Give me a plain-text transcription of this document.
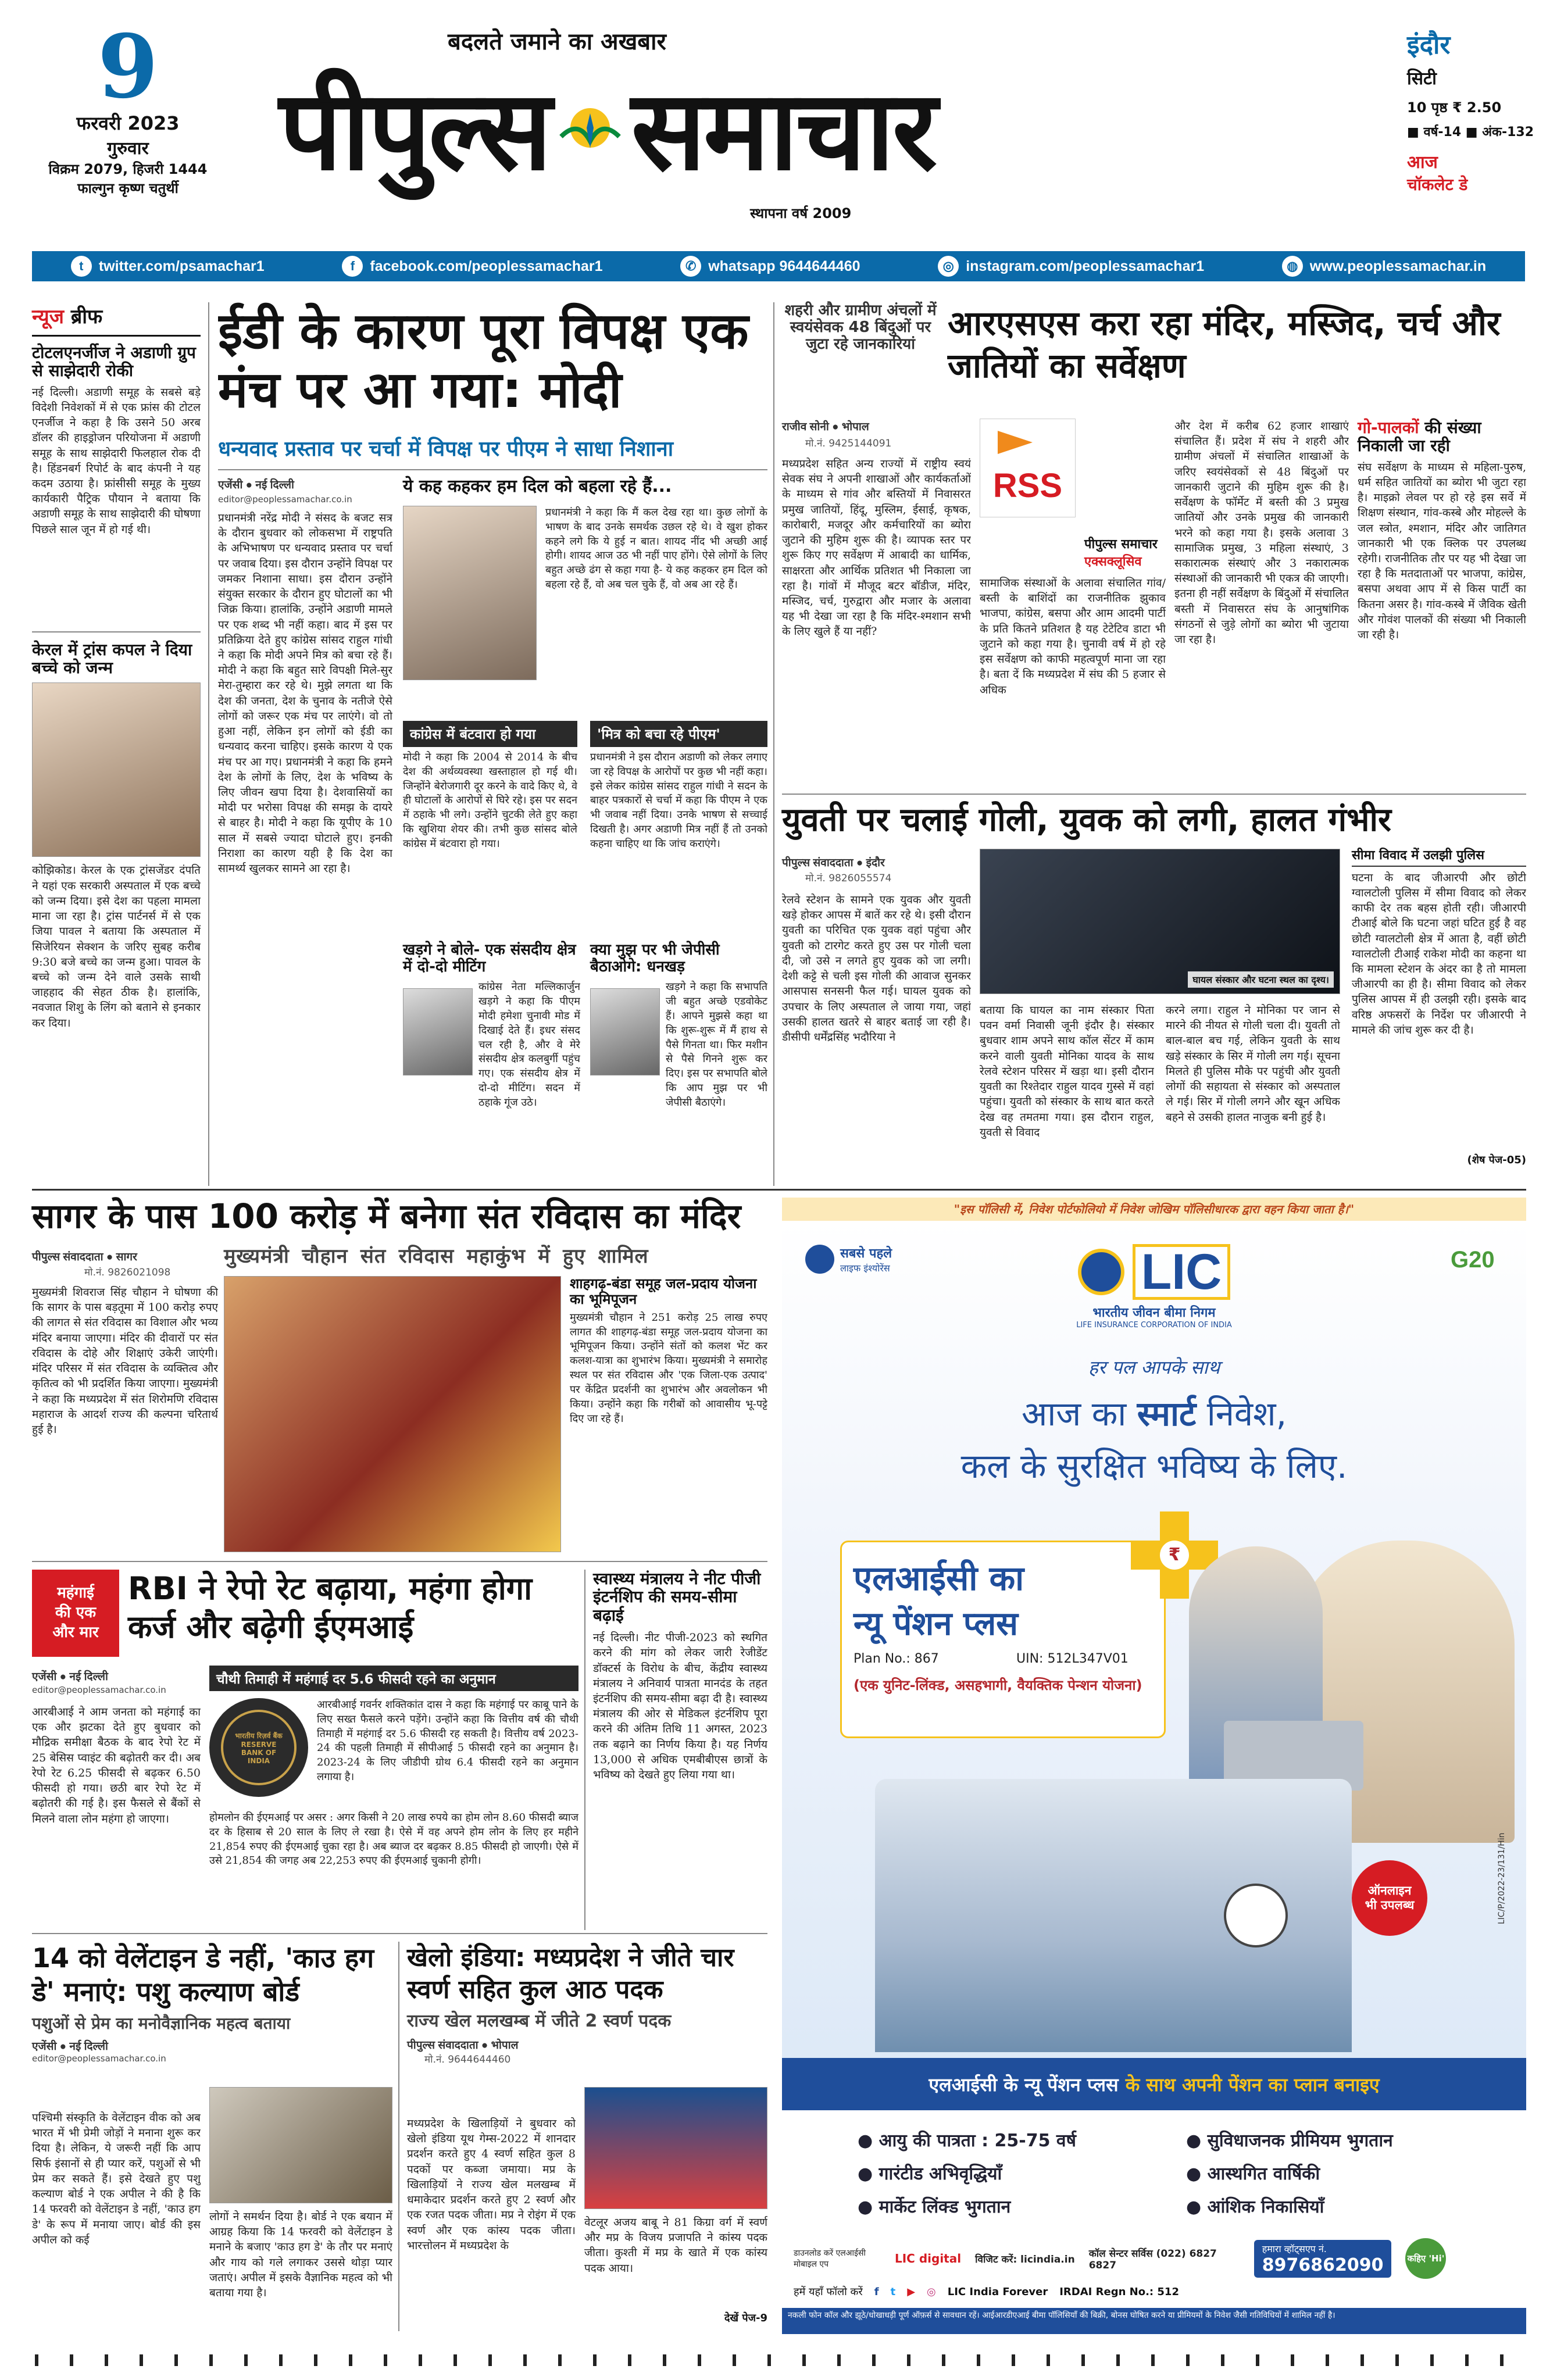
9
फरवरी 2023
गुरुवार
विक्रम 2079, हिजरी 1444
फाल्गुन कृष्ण चतुर्थी
बदलते जमाने का अखबार
पीपुल्स समाचार
स्थापना वर्ष 2009
इंदौर
सिटी
10 पृष्ठ ₹ 2.50
■ वर्ष-14 ■ अंक-132
आज
चॉकलेट डे
t	twitter.com/psamachar1	f	facebook.com/peoplessamachar1	✆ whatsapp 9644644460	◎ instagram.com/peoplessamachar1	◍ www.peoplessamachar.in
न्यूज ब्रीफ
टोटलएनर्जीज ने अडाणी ग्रुप से साझेदारी रोकी
नई दिल्ली। अडाणी समूह के सबसे बड़े विदेशी निवेशकों में से एक फ्रांस की टोटल एनर्जीज ने कहा है कि उसने 50 अरब डॉलर की हाइड्रोजन परियोजना में अडाणी समूह के साथ साझेदारी फिलहाल रोक दी है। हिंडनबर्ग रिपोर्ट के बाद कंपनी ने यह कदम उठाया है। फ्रांसीसी समूह के मुख्य कार्यकारी पैट्रिक पौयान ने बताया कि अडाणी समूह के साथ साझेदारी की घोषणा पिछले साल जून में हो गई थी।
केरल में ट्रांस कपल ने दिया बच्चे को जन्म
कोझिकोड। केरल के एक ट्रांसजेंडर दंपति ने यहां एक सरकारी अस्पताल में एक बच्चे को जन्म दिया। इसे देश का पहला मामला माना जा रहा है। ट्रांस पार्टनर्स में से एक जिया पावल ने बताया कि अस्पताल में सिजेरियन सेक्शन के जरिए सुबह करीब 9:30 बजे बच्चे का जन्म हुआ। पावल के बच्चे को जन्म देने वाले उसके साथी जाहहाद की सेहत ठीक है। हालांकि, नवजात शिशु के लिंग को बताने से इनकार कर दिया।
ईडी के कारण पूरा विपक्ष एक मंच पर आ गया: मोदी
धन्यवाद प्रस्ताव पर चर्चा में विपक्ष पर पीएम ने साधा निशाना
एजेंसी ● नई दिल्ली
editor@peoplessamachar.co.in
प्रधानमंत्री नरेंद्र मोदी ने संसद के बजट सत्र के दौरान बुधवार को लोकसभा में राष्ट्रपति के अभिभाषण पर धन्यवाद प्रस्ताव पर चर्चा पर जवाब दिया। इस दौरान उन्होंने विपक्ष पर जमकर निशाना साधा। इस दौरान उन्होंने संयुक्त सरकार के दौरान हुए घोटालों का भी जिक्र किया। हालांकि, उन्होंने अडाणी मामले पर एक शब्द भी नहीं कहा। बाद में इस पर प्रतिक्रिया देते हुए कांग्रेस सांसद राहुल गांधी ने कहा कि मोदी अपने मित्र को बचा रहे हैं। मोदी ने कहा कि बहुत सारे विपक्षी मिले-सुर मेरा-तुम्हारा कर रहे थे। मुझे लगता था कि देश की जनता, देश के चुनाव के नतीजे ऐसे लोगों को जरूर एक मंच पर लाएंगे। वो तो हुआ नहीं, लेकिन इन लोगों को ईडी का धन्यवाद करना चाहिए। इसके कारण ये एक मंच पर आ गए। प्रधानमंत्री ने कहा कि हमने देश के लोगों के लिए, देश के भविष्य के लिए जीवन खपा दिया है। देशवासियों का मोदी पर भरोसा विपक्ष की समझ के दायरे से बाहर है। मोदी ने कहा कि यूपीए के 10 साल में सबसे ज्यादा घोटाले हुए। इनकी निराशा का कारण यही है कि देश का सामर्थ्य खुलकर सामने आ रहा है।
ये कह कहकर हम दिल को बहला रहे हैं...
प्रधानमंत्री ने कहा कि मैं कल देख रहा था। कुछ लोगों के भाषण के बाद उनके समर्थक उछल रहे थे। वे खुश होकर कहने लगे कि ये हुई न बात। शायद नींद भी अच्छी आई होगी। शायद आज उठ भी नहीं पाए होंगे। ऐसे लोगों के लिए बहुत अच्छे ढंग से कहा गया है- ये कह कहकर हम दिल को बहला रहे हैं, वो अब चल चुके हैं, वो अब आ रहे हैं।
कांग्रेस में बंटवारा हो गया
मोदी ने कहा कि 2004 से 2014 के बीच देश की अर्थव्यवस्था खस्ताहाल हो गई थी। जिन्होंने बेरोजगारी दूर करने के वादे किए थे, वे ही घोटालों के आरोपों से घिरे रहे। इस पर सदन में ठहाके भी लगे। उन्होंने चुटकी लेते हुए कहा कि खुशिया शेयर की। तभी कुछ सांसद बोले कांग्रेस में बंटवारा हो गया।
'मित्र को बचा रहे पीएम'
प्रधानमंत्री ने इस दौरान अडाणी को लेकर लगाए जा रहे विपक्ष के आरोपों पर कुछ भी नहीं कहा। इसे लेकर कांग्रेस सांसद राहुल गांधी ने सदन के बाहर पत्रकारों से चर्चा में कहा कि पीएम ने एक भी जवाब नहीं दिया। उनके भाषण से सच्चाई दिखती है। अगर अडाणी मित्र नहीं हैं तो उनको कहना चाहिए था कि जांच कराएंगे।
खड़गे ने बोले- एक संसदीय क्षेत्र में दो-दो मीटिंग
कांग्रेस नेता मल्लिकार्जुन खड़गे ने कहा कि पीएम मोदी हमेशा चुनावी मोड में दिखाई देते हैं। इधर संसद चल रही है, और वे मेरे संसदीय क्षेत्र कलबुर्गी पहुंच गए। एक संसदीय क्षेत्र में दो-दो मीटिंग। सदन में ठहाके गूंज उठे।
क्या मुझ पर भी जेपीसी बैठाओगे: धनखड़
खड़गे ने कहा कि सभापति जी बहुत अच्छे एडवोकेट हैं। आपने मुझसे कहा था कि शुरू-शुरू में मैं हाथ से पैसे गिनता था। फिर मशीन से पैसे गिनने शुरू कर दिए। इस पर सभापति बोले कि आप मुझ पर भी जेपीसी बैठाएंगे।
शहरी और ग्रामीण अंचलों में स्वयंसेवक 48 बिंदुओं पर जुटा रहे जानकारियां
आरएसएस करा रहा मंदिर, मस्जिद, चर्च और जातियों का सर्वेक्षण
राजीव सोनी ● भोपाल
मो.नं. 9425144091
मध्यप्रदेश सहित अन्य राज्यों में राष्ट्रीय स्वयं सेवक संघ ने अपनी शाखाओं और कार्यकर्ताओं के माध्यम से गांव और बस्तियों में निवासरत प्रमुख जातियों, हिंदू, मुस्लिम, ईसाई, कृषक, कारोबारी, मजदूर और कर्मचारियों का ब्योरा जुटाने की मुहिम शुरू की है। व्यापक स्तर पर शुरू किए गए सर्वेक्षण में आबादी का धार्मिक, साक्षरता और आर्थिक प्रतिशत भी निकाला जा रहा है। गांवों में मौजूद बटर बॉडीज, मंदिर, मस्जिद, चर्च, गुरुद्वारा और मजार के अलावा यह भी देखा जा रहा है कि मंदिर-श्मशान सभी के लिए खुले हैं या नहीं?
RSS
पीपुल्स समाचार
एक्सक्लूसिव
सामाजिक संस्थाओं के अलावा संचालित गांव/बस्ती के बाशिंदों का राजनीतिक झुकाव भाजपा, कांग्रेस, बसपा और आम आदमी पार्टी के प्रति कितने प्रतिशत है यह टेटेटिव डाटा भी जुटाने को कहा गया है। चुनावी वर्ष में हो रहे इस सर्वेक्षण को काफी महत्वपूर्ण माना जा रहा है। बता दें कि मध्यप्रदेश में संघ की 5 हजार से अधिक
और देश में करीब 62 हजार शाखाएं संचालित हैं। प्रदेश में संघ ने शहरी और ग्रामीण अंचलों में संचालित शाखाओं के जरिए स्वयंसेवकों से 48 बिंदुओं पर जानकारी जुटाने की मुहिम शुरू की है। सर्वेक्षण के फॉर्मेट में बस्ती की 3 प्रमुख जातियों और उनके प्रमुख की जानकारी भरने को कहा गया है। इसके अलावा 3 सामाजिक प्रमुख, 3 महिला संस्थाएं, 3 सकारात्मक संस्थाएं और 3 नकारात्मक संस्थाओं की जानकारी भी एकत्र की जाएगी। इतना ही नहीं सर्वेक्षण के बिंदुओं में संचालित बस्ती में निवासरत संघ के आनुषांगिक संगठनों से जुड़े लोगों का ब्योरा भी जुटाया जा रहा है।
गो-पालकों की संख्या निकाली जा रही
संघ सर्वेक्षण के माध्यम से महिला-पुरुष, धर्म सहित जातियों का ब्योरा भी जुटा रहा है। माइक्रो लेवल पर हो रहे इस सर्वे में शिक्षण संस्थान, गांव-कस्बे और मोहल्ले के जल स्त्रोत, श्मशान, मंदिर और जातिगत जानकारी भी एक क्लिक पर उपलब्ध रहेगी। राजनीतिक तौर पर यह भी देखा जा रहा है कि मतदाताओं पर भाजपा, कांग्रेस, बसपा अथवा आप में से किस पार्टी का कितना असर है। गांव-कस्बे में जैविक खेती और गोवंश पालकों की संख्या भी निकाली जा रही है।
युवती पर चलाई गोली, युवक को लगी, हालत गंभीर
पीपुल्स संवाददाता ● इंदौर
मो.नं. 9826055574
घायल संस्कार और घटना स्थल का दृश्य।
रेलवे स्टेशन के सामने एक युवक और युवती खड़े होकर आपस में बातें कर रहे थे। इसी दौरान युवती का परिचित एक युवक वहां पहुंचा और युवती को टारगेट करते हुए उस पर गोली चला दी, जो उसे न लगते हुए युवक को जा लगी। देशी कट्टे से चली इस गोली की आवाज सुनकर आसपास सनसनी फैल गई। घायल युवक को उपचार के लिए अस्पताल ले जाया गया, जहां उसकी हालत खतरे से बाहर बताई जा रही है। डीसीपी धर्मेंद्रसिंह भदौरिया ने
बताया कि घायल का नाम संस्कार पिता पवन वर्मा निवासी जूनी इंदौर है। संस्कार बुधवार शाम अपने साथ कॉल सेंटर में काम करने वाली युवती मोनिका यादव के साथ रेलवे स्टेशन परिसर में खड़ा था। इसी दौरान युवती का रिश्तेदार राहुल यादव गुस्से में वहां पहुंचा। युवती को संस्कार के साथ बात करते देख वह तमतमा गया। इस दौरान राहुल, युवती से विवाद
करने लगा। राहुल ने मोनिका पर जान से मारने की नीयत से गोली चला दी। युवती तो बाल-बाल बच गई, लेकिन युवती के साथ खड़े संस्कार के सिर में गोली लग गई। सूचना मिलते ही पुलिस मौके पर पहुंची और युवती लोगों की सहायता से संस्कार को अस्पताल ले गई। सिर में गोली लगने और खून अधिक बहने से उसकी हालत नाजुक बनी हुई है।
सीमा विवाद में उलझी पुलिस
घटना के बाद जीआरपी और छोटी ग्वालटोली पुलिस में सीमा विवाद को लेकर काफी देर तक बहस होती रही। जीआरपी टीआई बोले कि घटना जहां घटित हुई है वह छोटी ग्वालटोली क्षेत्र में आता है, वहीं छोटी ग्वालटोली टीआई राकेश मोदी का कहना था कि मामला स्टेशन के अंदर का है तो मामला जीआरपी का ही है। सीमा विवाद को लेकर पुलिस आपस में ही उलझी रही। इसके बाद वरिष्ठ अफसरों के निर्देश पर जीआरपी ने मामले की जांच शुरू कर दी है।
(शेष पेज-05)
सागर के पास 100 करोड़ में बनेगा संत रविदास का मंदिर
पीपुल्स संवाददाता ● सागर
मो.नं. 9826021098
मुख्यमंत्री चौहान संत रविदास महाकुंभ में हुए शामिल
मुख्यमंत्री शिवराज सिंह चौहान ने घोषणा की कि सागर के पास बड़तूमा में 100 करोड़ रुपए की लागत से संत रविदास का विशाल और भव्य मंदिर बनाया जाएगा। मंदिर की दीवारों पर संत रविदास के दोहे और शिक्षाएं उकेरी जाएंगी। मंदिर परिसर में संत रविदास के व्यक्तित्व और कृतित्व को भी प्रदर्शित किया जाएगा। मुख्यमंत्री ने कहा कि मध्यप्रदेश में संत शिरोमणि रविदास महाराज के आदर्श राज्य की कल्पना चरितार्थ हुई है।
शाहगढ़-बंडा समूह जल-प्रदाय योजना का भूमिपूजन
मुख्यमंत्री चौहान ने 251 करोड़ 25 लाख रुपए लागत की शाहगढ़-बंडा समूह जल-प्रदाय योजना का भूमिपूजन किया। उन्होंने संतों को कलश भेंट कर कलश-यात्रा का शुभारंभ किया। मुख्यमंत्री ने समारोह स्थल पर संत रविदास और 'एक जिला-एक उत्पाद' पर केंद्रित प्रदर्शनी का शुभारंभ और अवलोकन भी किया। उन्होंने कहा कि गरीबों को आवासीय भू-पट्टे दिए जा रहे हैं।
महंगाई
की एक
और मार
RBI ने रेपो रेट बढ़ाया, महंगा होगा कर्ज और बढ़ेगी ईएमआई
एजेंसी ● नई दिल्ली
editor@peoplessamachar.co.in
आरबीआई ने आम जनता को महंगाई का एक और झटका देते हुए बुधवार को मौद्रिक समीक्षा बैठक के बाद रेपो रेट में 25 बेसिस प्वाइंट की बढ़ोतरी कर दी। अब रेपो रेट 6.25 फीसदी से बढ़कर 6.50 फीसदी हो गया। छठी बार रेपो रेट में बढ़ोतरी की गई है। इस फैसले से बैंकों से मिलने वाला लोन महंगा हो जाएगा।
चौथी तिमाही में महंगाई दर 5.6 फीसदी रहने का अनुमान
भारतीय रिज़र्व बैंक RESERVE BANK OF INDIA
आरबीआई गवर्नर शक्तिकांत दास ने कहा कि महंगाई पर काबू पाने के लिए सख्त फैसले करने पड़ेंगे। उन्होंने कहा कि वित्तीय वर्ष की चौथी तिमाही में महंगाई दर 5.6 फीसदी रह सकती है। वित्तीय वर्ष 2023-24 की पहली तिमाही में सीपीआई 5 फीसदी रहने का अनुमान है। 2023-24 के लिए जीडीपी ग्रोथ 6.4 फीसदी रहने का अनुमान लगाया है।
होमलोन की ईएमआई पर असर : अगर किसी ने 20 लाख रुपये का होम लोन 8.60 फीसदी ब्याज दर के हिसाब से 20 साल के लिए ले रखा है। ऐसे में वह अपने होम लोन के लिए हर महीने 21,854 रुपए की ईएमआई चुका रहा है। अब ब्याज दर बढ़कर 8.85 फीसदी हो जाएगी। ऐसे में उसे 21,854 की जगह अब 22,253 रुपए की ईएमआई चुकानी होगी।
स्वास्थ्य मंत्रालय ने नीट पीजी इंटर्नशिप की समय-सीमा बढ़ाई
नई दिल्ली। नीट पीजी-2023 को स्थगित करने की मांग को लेकर जारी रेजीडेंट डॉक्टर्स के विरोध के बीच, केंद्रीय स्वास्थ्य मंत्रालय ने अनिवार्य पात्रता मानदंड के तहत इंटर्नशिप की समय-सीमा बढ़ा दी है। स्वास्थ्य मंत्रालय की ओर से मेडिकल इंटर्नशिप पूरा करने की अंतिम तिथि 11 अगस्त, 2023 तक बढ़ाने का निर्णय किया है। यह निर्णय 13,000 से अधिक एमबीबीएस छात्रों के भविष्य को देखते हुए लिया गया था।
14 को वेलेंटाइन डे नहीं, 'काउ हग डे' मनाएं: पशु कल्याण बोर्ड
पशुओं से प्रेम का मनोवैज्ञानिक महत्व बताया
एजेंसी ● नई दिल्ली
editor@peoplessamachar.co.in
पश्चिमी संस्कृति के वेलेंटाइन वीक को अब भारत में भी प्रेमी जोड़ों ने मनाना शुरू कर दिया है। लेकिन, ये जरूरी नहीं कि आप सिर्फ इंसानों से ही प्यार करें, पशुओं से भी प्रेम कर सकते हैं। इसे देखते हुए पशु कल्याण बोर्ड ने एक अपील ने की है कि 14 फरवरी को वेलेंटाइन डे नहीं, 'काउ हग डे' के रूप में मनाया जाए। बोर्ड की इस अपील को कई
लोगों ने समर्थन दिया है। बोर्ड ने एक बयान में आग्रह किया कि 14 फरवरी को वेलेंटाइन डे मनाने के बजाए 'काउ हग डे' के तौर पर मनाएं और गाय को गले लगाकर उससे थोड़ा प्यार जताएं। अपील में इसके वैज्ञानिक महत्व को भी बताया गया है।
खेलो इंडिया: मध्यप्रदेश ने जीते चार स्वर्ण सहित कुल आठ पदक
राज्य खेल मलखम्ब में जीते 2 स्वर्ण पदक
पीपुल्स संवाददाता ● भोपाल
मो.नं. 9644644460
मध्यप्रदेश के खिलाड़ियों ने बुधवार को खेलो इंडिया यूथ गेम्स-2022 में शानदार प्रदर्शन करते हुए 4 स्वर्ण सहित कुल 8 पदकों पर कब्जा जमाया। मप्र के खिलाड़ियों ने राज्य खेल मलखम्ब में धमाकेदार प्रदर्शन करते हुए 2 स्वर्ण और एक रजत पदक जीता। मप्र ने रोइंग में एक स्वर्ण और एक कांस्य पदक जीता। भारत्तोलन में मध्यप्रदेश के
वेटलूर अजय बाबू ने 81 किग्रा वर्ग में स्वर्ण और मप्र के विजय प्रजापति ने कांस्य पदक जीता। कुश्ती में मप्र के खाते में एक कांस्य पदक आया।
देखें पेज-9
"इस पॉलिसी में, निवेश पोर्टफोलियो में निवेश जोखिम पॉलिसीधारक द्वारा वहन किया जाता है।"
सबसे पहले
लाइफ इंश्योरेंस	LIC
भारतीय जीवन बीमा निगम
LIFE INSURANCE CORPORATION OF INDIA
G20
हर पल आपके साथ
आज का स्मार्ट निवेश,
कल के सुरक्षित भविष्य के लिए.
एलआईसी का
न्यू पेंशन प्लस
Plan No.: 867	UIN: 512L347V01
(एक युनिट-लिंक्ड, असहभागी, वैयक्तिक पेन्शन योजना)
₹
ऑनलाइन भी उपलब्ध	LIC/P/2022-23/131/Hin
एलआईसी के न्यू पेंशन प्लस के साथ अपनी पेंशन का प्लान बनाइए
● आयु की पात्रता : 25-75 वर्ष	● सुविधाजनक प्रीमियम भुगतान
● गारंटीड अभिवृद्धियाँ	● आस्थगित वार्षिकी
● मार्केट लिंक्ड भुगतान	● आंशिक निकासियाँ
डाउनलोड करें एलआईसी मोबाइल एप	LIC digital विजिट करें: licindia.in कॉल सेन्टर सर्विस (022) 6827 6827
हमारा व्हॉट्सएप नं.
8976862090	कहिए 'Hi'
हमें यहाँ फॉलो करें f t ▶ ◎ LIC India Forever IRDAI Regn No.: 512
नकली फोन कॉल और झूठे/धोखाधड़ी पूर्ण ऑफ़र्स से सावधान रहें। आईआरडीएआई बीमा पॉलिसियाँ की बिक्री, बोनस घोषित करने या प्रीमियमों के निवेश जैसी गतिविधियों में शामिल नहीं है।
